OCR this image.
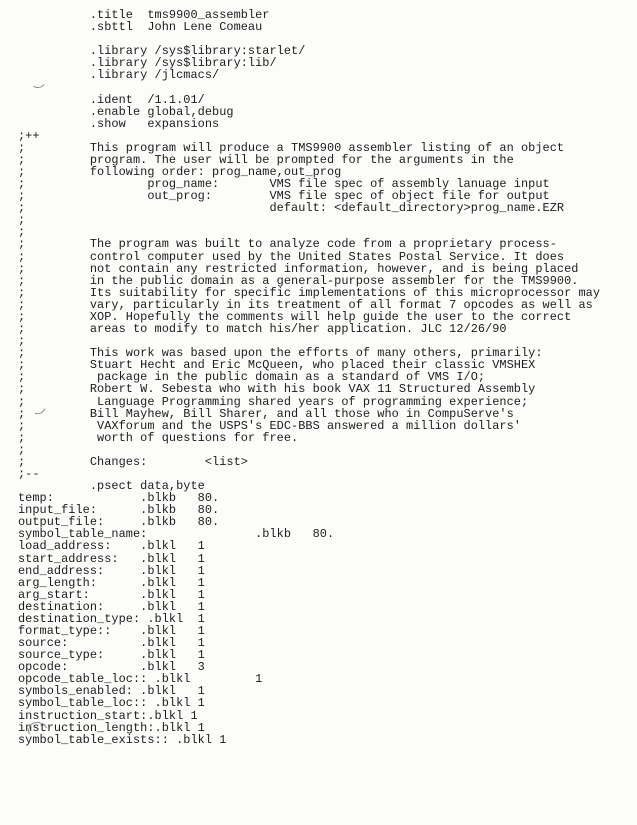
.title  tms9900_assembler
.sbttl  John Lene Comeau
.library /sys$library:starlet/
.library /sys$library:lib/
.library /jlcmacs/
.ident  /1.1.01/
.enable global,debug
.show   expansions
;++
;         This program will produce a TMS9900 assembler listing of an object
;         program. The user will be prompted for the arguments in the
;         following order: prog_name,out_prog
;                 prog_name:       VMS file spec of assembly lanuage input
;                 out_prog:        VMS file spec of object file for output
;                                  default: <default_directory>prog_name.EZR
;
;
;         The program was built to analyze code from a proprietary process-
;         control computer used by the United States Postal Service. It does
;         not contain any restricted information, however, and is being placed
;         in the public domain as a general-purpose assembler for the TMS9900.
;         Its suitability for specific implementations of this microprocessor may
;         vary, particularly in its treatment of all format 7 opcodes as well as
;         XOP. Hopefully the comments will help guide the user to the correct
;         areas to modify to match his/her application. JLC 12/26/90
;
;         This work was based upon the efforts of many others, primarily:
;         Stuart Hecht and Eric McQueen, who placed their classic VMSHEX
;          package in the public domain as a standard of VMS I/O;
;         Robert W. Sebesta who with his book VAX 11 Structured Assembly
;          Language Programming shared years of programming experience;
;         Bill Mayhew, Bill Sharer, and all those who in CompuServe's
;          VAXforum and the USPS's EDC-BBS answered a million dollars'
;          worth of questions for free.
;
;         Changes:        <list>
;--
.psect data,byte
temp:            .blkb   80.
input_file:      .blkb   80.
output_file:     .blkb   80.
symbol_table_name:               .blkb   80.
load_address:    .blkl   1
start_address:   .blkl   1
end_address:     .blkl   1
arg_length:      .blkl   1
arg_start:       .blkl   1
destination:     .blkl   1
destination_type: .blkl  1
format_type::    .blkl   1
source:          .blkl   1
source_type:     .blkl   1
opcode:          .blkl   3
opcode_table_loc:: .blkl         1
symbols_enabled: .blkl   1
symbol_table_loc:: .blkl 1
instruction_start:.blkl 1
instruction_length:.blkl 1
symbol_table_exists:: .blkl 1
